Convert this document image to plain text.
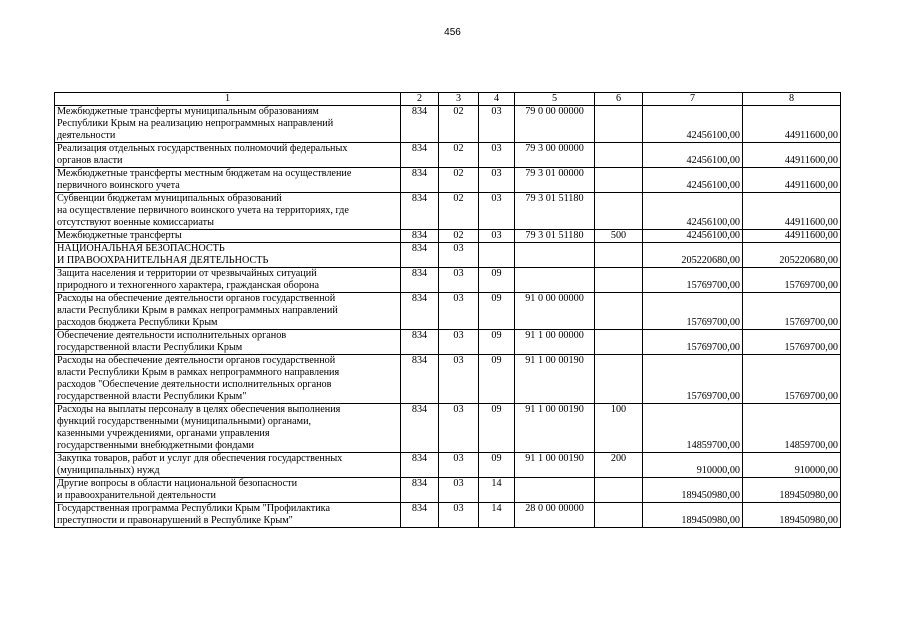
456
1	2	3	4	5	6	7	8

Межбюджетные трансферты муниципальным образованиям
Республики Крым на реализацию непрограммных направлений
деятельности	834	02	03	79 0 00 00000		42456100,00	44911600,00

Реализация отдельных государственных полномочий федеральных
органов власти	834	02	03	79 3 00 00000		42456100,00	44911600,00

Межбюджетные трансферты местным бюджетам на осуществление
первичного воинского учета	834	02	03	79 3 01 00000		42456100,00	44911600,00

Субвенции бюджетам муниципальных образований
на осуществление первичного воинского учета на территориях, где
отсутствуют военные комиссариаты	834	02	03	79 3 01 51180		42456100,00	44911600,00

Межбюджетные трансферты	834	02	03	79 3 01 51180	500	42456100,00	44911600,00

НАЦИОНАЛЬНАЯ БЕЗОПАСНОСТЬ
И ПРАВООХРАНИТЕЛЬНАЯ ДЕЯТЕЛЬНОСТЬ	834	03				205220680,00	205220680,00

Защита населения и территории от чрезвычайных ситуаций
природного и техногенного характера, гражданская оборона	834	03	09			15769700,00	15769700,00

Расходы на обеспечение деятельности органов государственной
власти Республики Крым в рамках непрограммных направлений
расходов бюджета Республики Крым	834	03	09	91 0 00 00000		15769700,00	15769700,00

Обеспечение деятельности исполнительных органов
государственной власти Республики Крым	834	03	09	91 1 00 00000		15769700,00	15769700,00

Расходы на обеспечение деятельности органов государственной
власти Республики Крым в рамках непрограммного направления
расходов "Обеспечение деятельности исполнительных органов
государственной власти Республики Крым"	834	03	09	91 1 00 00190		15769700,00	15769700,00

Расходы на выплаты персоналу в целях обеспечения выполнения
функций государственными (муниципальными) органами,
казенными учреждениями, органами управления
государственными внебюджетными фондами	834	03	09	91 1 00 00190	100	14859700,00	14859700,00

Закупка товаров, работ и услуг для обеспечения государственных
(муниципальных) нужд	834	03	09	91 1 00 00190	200	910000,00	910000,00

Другие вопросы в области национальной безопасности
и правоохранительной деятельности	834	03	14			189450980,00	189450980,00

Государственная программа Республики Крым "Профилактика
преступности и правонарушений в Республике Крым"	834	03	14	28 0 00 00000		189450980,00	189450980,00
